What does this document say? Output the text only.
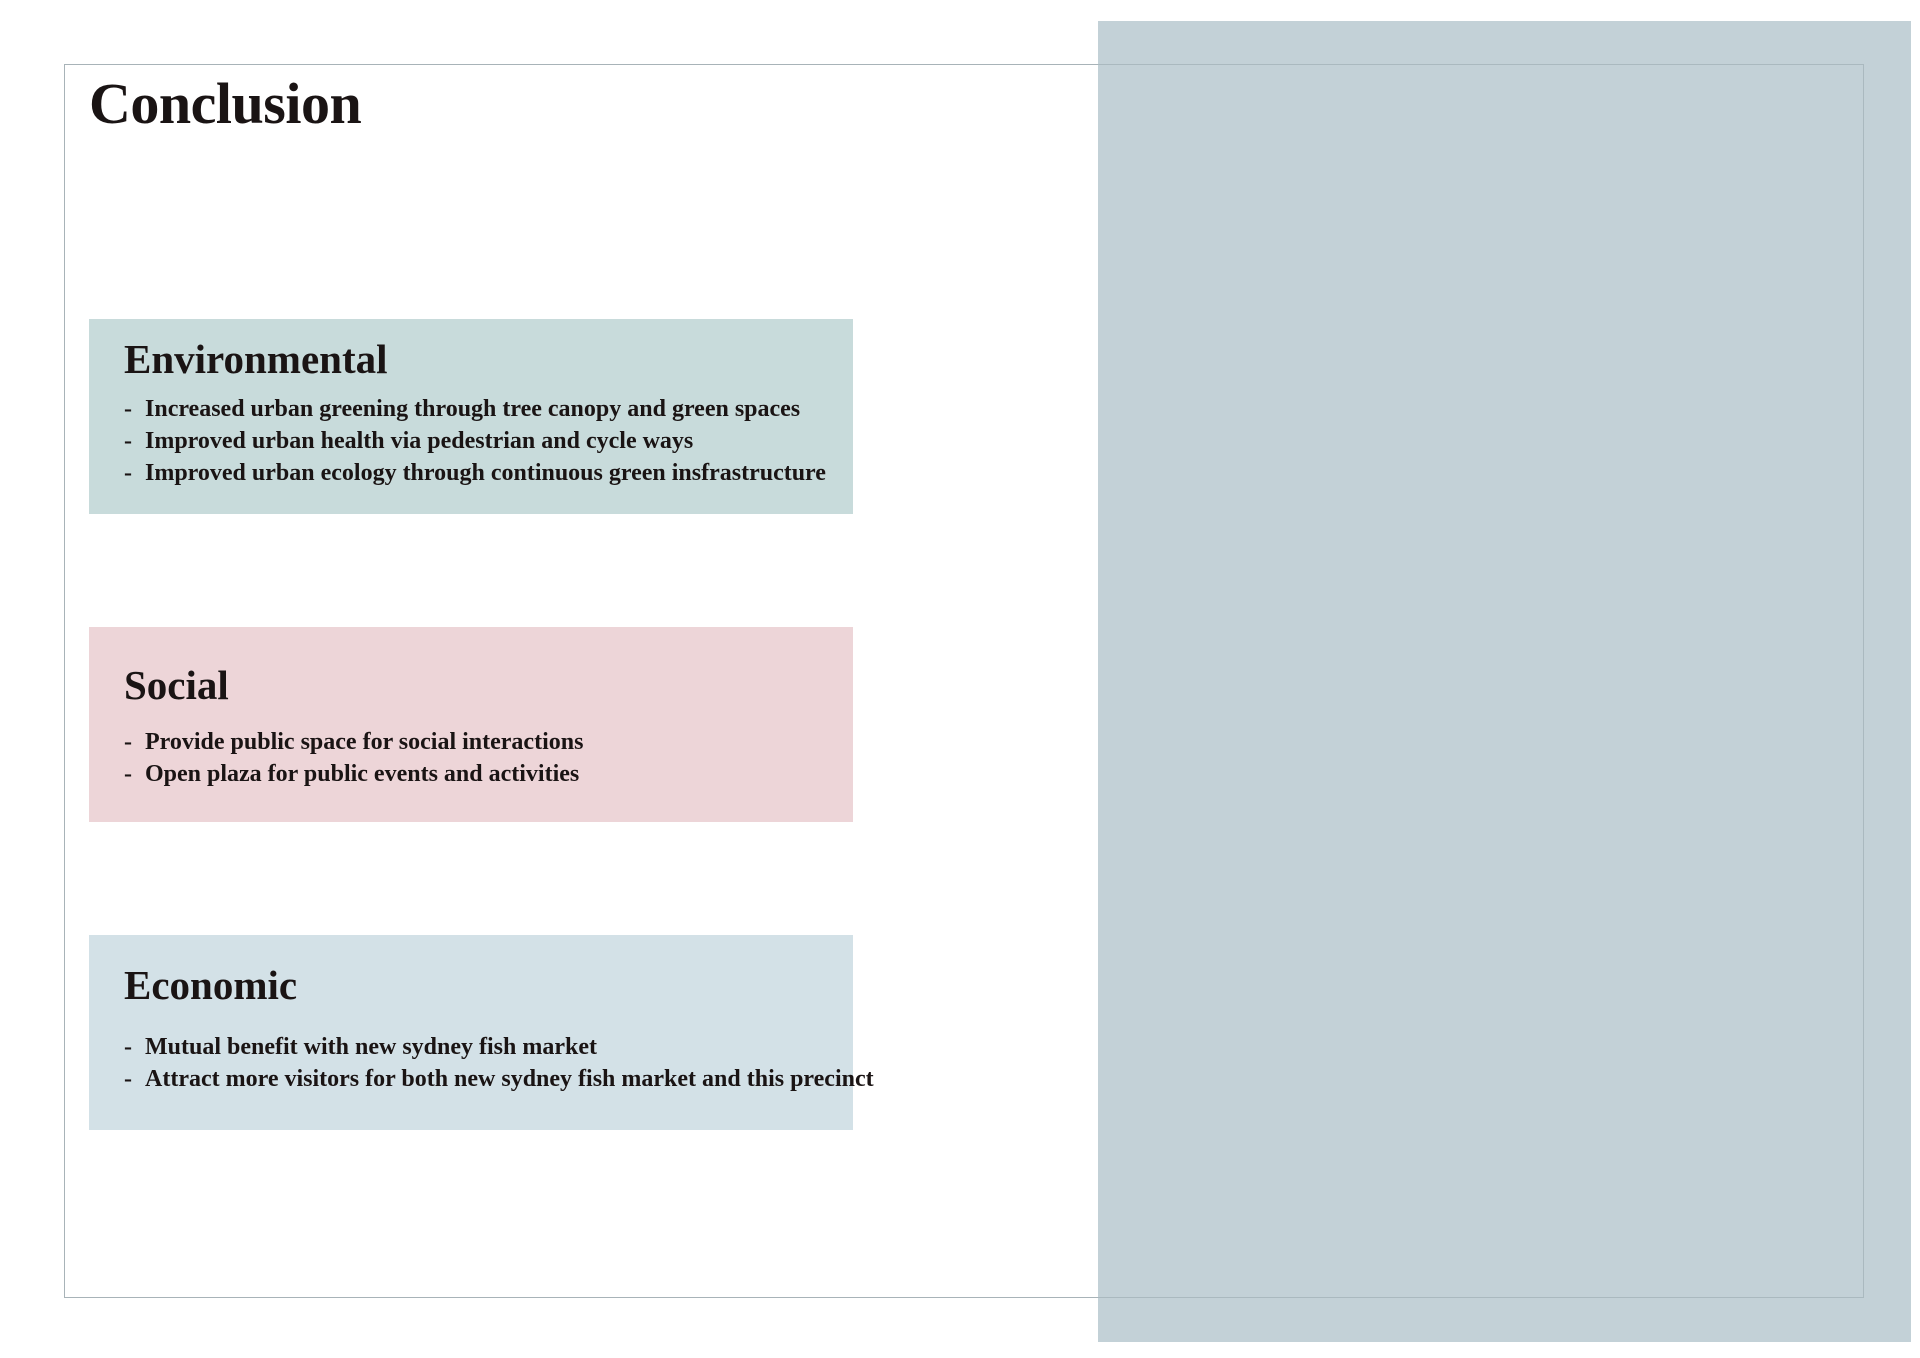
Conclusion
Environmental
- Increased urban greening through tree canopy and green spaces
- Improved urban health via pedestrian and cycle ways
- Improved urban ecology through continuous green insfrastructure
Social
- Provide public space for social interactions
- Open plaza for public events and activities
Economic
- Mutual benefit with new sydney fish market
- Attract more visitors for both new sydney fish market and this precinct
